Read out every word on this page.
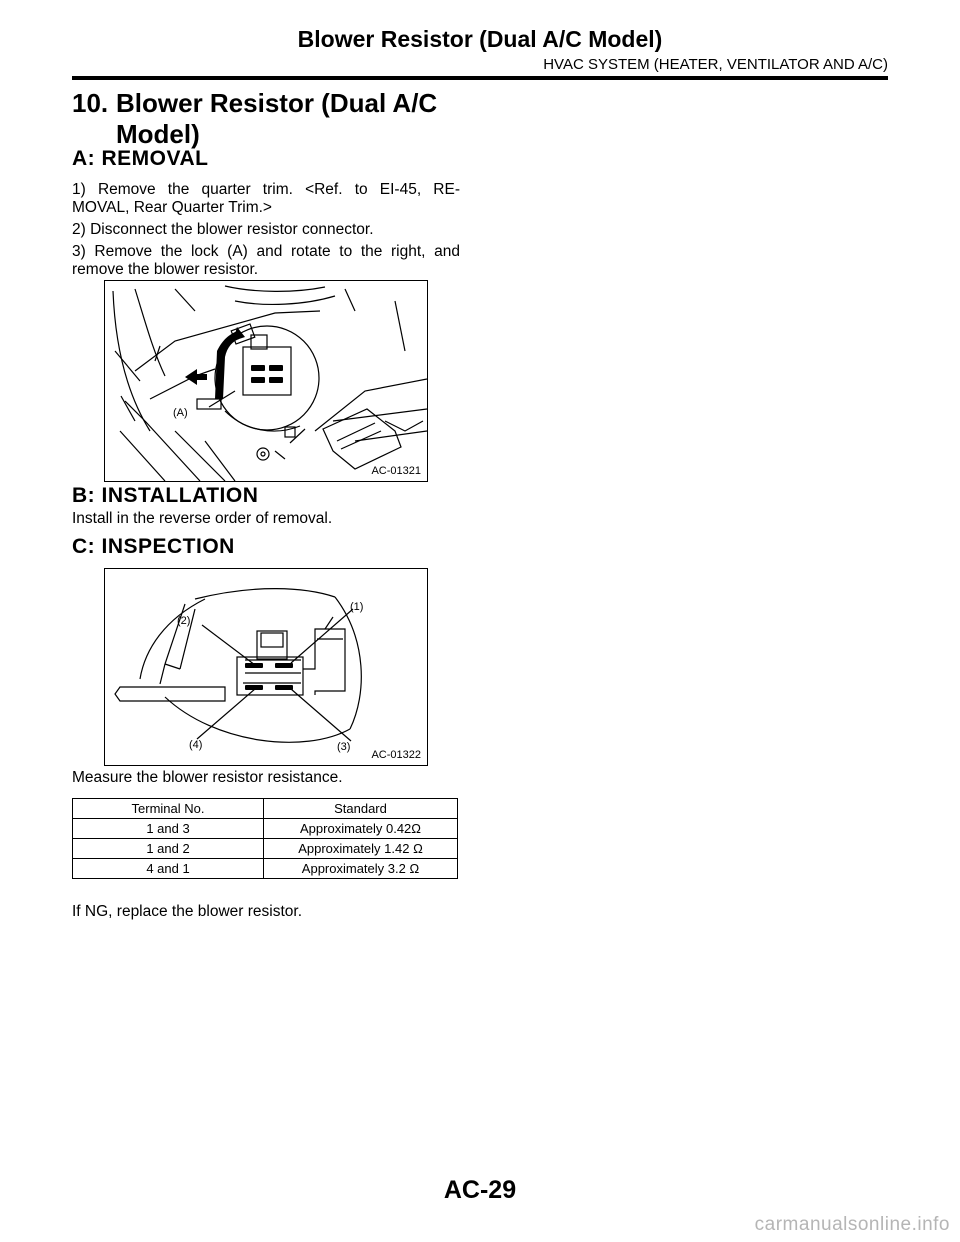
Blower Resistor (Dual A/C Model)
HVAC SYSTEM (HEATER, VENTILATOR AND A/C)
10. Blower Resistor (Dual A/C
Model)
A: REMOVAL
1) Remove the quarter trim. <Ref. to EI-45, RE-
MOVAL, Rear Quarter Trim.>
2) Disconnect the blower resistor connector.
3) Remove the lock (A) and rotate to the right, and
remove the blower resistor.
(A)
AC-01321
B: INSTALLATION
Install in the reverse order of removal.
C: INSPECTION
(1)
(2)
(3)
(4)
AC-01322
Measure the blower resistor resistance.
Terminal No.	Standard
1 and 3	Approximately 0.42Ω
1 and 2	Approximately 1.42 Ω
4 and 1	Approximately 3.2 Ω
If NG, replace the blower resistor.
AC-29
carmanualsonline.info
